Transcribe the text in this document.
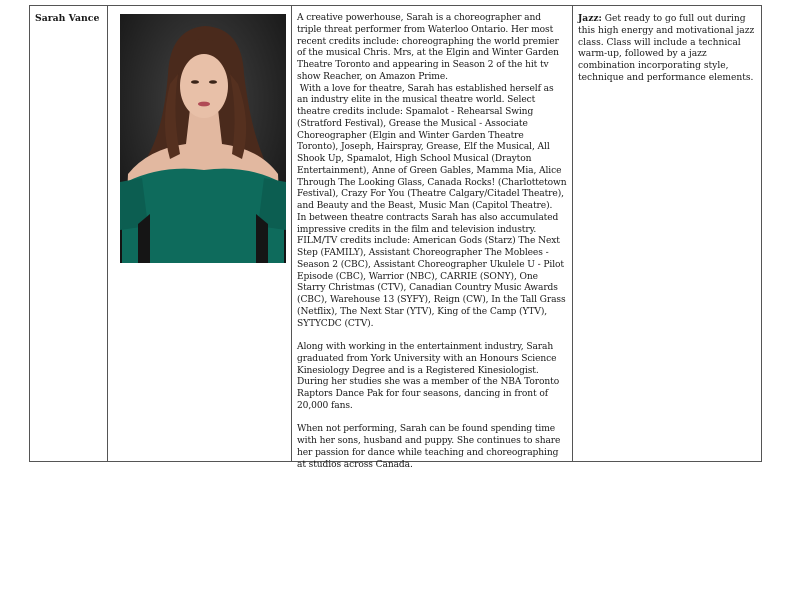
Sarah Vance	A creative powerhouse, Sarah is a choreographer and triple threat performer from Waterloo Ontario. Her most recent credits include: choreographing the world premier of the musical Chris. Mrs, at the Elgin and Winter Garden Theatre Toronto and appearing in Season 2 of the hit tv show Reacher, on Amazon Prime.

With a love for theatre, Sarah has established herself as an industry elite in the musical theatre world. Select theatre credits include: Spamalot - Rehearsal Swing (Stratford Festival), Grease the Musical - Associate Choreographer (Elgin and Winter Garden Theatre Toronto), Joseph, Hairspray, Grease, Elf the Musical, All Shook Up, Spamalot, High School Musical (Drayton Entertainment), Anne of Green Gables, Mamma Mia, Alice Through The Looking Glass, Canada Rocks! (Charlottetown Festival), Crazy For You (Theatre Calgary/Citadel Theatre), and Beauty and the Beast, Music Man (Capitol Theatre).

In between theatre contracts Sarah has also accumulated impressive credits in the film and television industry. FILM/TV credits include: American Gods (Starz) The Next Step (FAMILY), Assistant Choreographer The Moblees - Season 2 (CBC), Assistant Choreographer Ukulele U - Pilot Episode (CBC), Warrior (NBC), CARRIE (SONY), One Starry Christmas (CTV), Canadian Country Music Awards (CBC), Warehouse 13 (SYFY), Reign (CW), In the Tall Grass (Netflix), The Next Star (YTV), King of the Camp (YTV), SYTYCDC (CTV).

Along with working in the entertainment industry, Sarah graduated from York University with an Honours Science Kinesiology Degree and is a Registered Kinesiologist. During her studies she was a member of the NBA Toronto Raptors Dance Pak for four seasons, dancing in front of 20,000 fans.

When not performing, Sarah can be found spending time with her sons, husband and puppy. She continues to share her passion for dance while teaching and choreographing at studios across Canada.

Jazz: Get ready to go full out during this high energy and motivational jazz class. Class will include a technical warm-up, followed by a jazz combination incorporating style, technique and performance elements.
